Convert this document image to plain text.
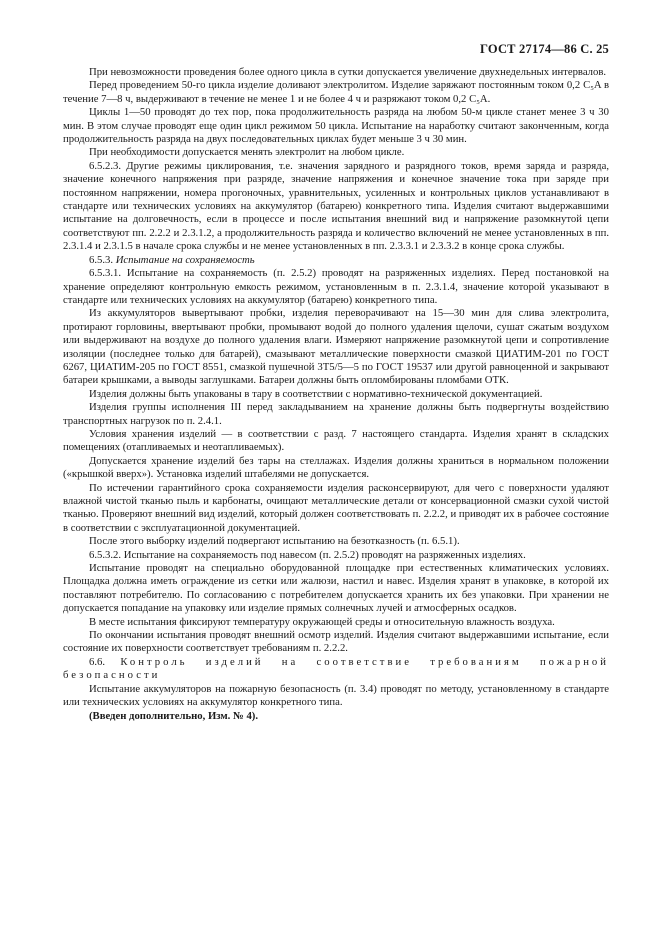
ГОСТ 27174—86 С. 25

При невозможности проведения более одного цикла в сутки допускается увеличение двухнедельных интервалов.

Перед проведением 50-го цикла изделие доливают электролитом. Изделие заряжают постоянным током 0,2 C₅A в течение 7—8 ч, выдерживают в течение не менее 1 и не более 4 ч и разряжают током 0,2 C₅A.

Циклы 1—50 проводят до тех пор, пока продолжительность разряда на любом 50-м цикле станет менее 3 ч 30 мин. В этом случае проводят еще один цикл режимом 50 цикла. Испытание на наработку считают законченным, когда продолжительность разряда на двух последовательных циклах будет меньше 3 ч 30 мин.

При необходимости допускается менять электролит на любом цикле.

6.5.2.3. Другие режимы циклирования, т.е. значения зарядного и разрядного токов, время заряда и разряда, значение конечного напряжения при разряде, значение напряжения и конечное значение тока при заряде при постоянном напряжении, номера прогоночных, уравнительных, усиленных и контрольных циклов устанавливают в стандарте или технических условиях на аккумулятор (батарею) конкретного типа. Изделия считают выдержавшими испытание на долговечность, если в процессе и после испытания внешний вид и напряжение разомкнутой цепи соответствуют пп. 2.2.2 и 2.3.1.2, а продолжительность разряда и количество включений не менее установленных в пп. 2.3.1.4 и 2.3.1.5 в начале срока службы и не менее установленных в пп. 2.3.3.1 и 2.3.3.2 в конце срока службы.

6.5.3. Испытание на сохраняемость

6.5.3.1. Испытание на сохраняемость (п. 2.5.2) проводят на разряженных изделиях. Перед постановкой на хранение определяют контрольную емкость режимом, установленным в п. 2.3.1.4, значение которой указывают в стандарте или технических условиях на аккумулятор (батарею) конкретного типа.

Из аккумуляторов вывертывают пробки, изделия переворачивают на 15—30 мин для слива электролита, протирают горловины, ввертывают пробки, промывают водой до полного удаления щелочи, сушат сжатым воздухом или выдерживают на воздухе до полного удаления влаги. Измеряют напряжение разомкнутой цепи и сопротивление изоляции (последнее только для батарей), смазывают металлические поверхности смазкой ЦИАТИМ-201 по ГОСТ 6267, ЦИАТИМ-205 по ГОСТ 8551, смазкой пушечной 3Т5/5—5 по ГОСТ 19537 или другой равноценной и закрывают батареи крышками, а выводы заглушками. Батареи должны быть опломбированы пломбами ОТК.

Изделия должны быть упакованы в тару в соответствии с нормативно-технической документацией.

Изделия группы исполнения III перед закладыванием на хранение должны быть подвергнуты воздействию транспортных нагрузок по п. 2.4.1.

Условия хранения изделий — в соответствии с разд. 7 настоящего стандарта. Изделия хранят в складских помещениях (отапливаемых и неотапливаемых).

Допускается хранение изделий без тары на стеллажах. Изделия должны храниться в нормальном положении («крышкой вверх»). Установка изделий штабелями не допускается.

По истечении гарантийного срока сохраняемости изделия расконсервируют, для чего с поверхности удаляют влажной чистой тканью пыль и карбонаты, очищают металлические детали от консервационной смазки сухой чистой тканью. Проверяют внешний вид изделий, который должен соответствовать п. 2.2.2, и приводят их в рабочее состояние в соответствии с эксплуатационной документацией.

После этого выборку изделий подвергают испытанию на безотказность (п. 6.5.1).

6.5.3.2. Испытание на сохраняемость под навесом (п. 2.5.2) проводят на разряженных изделиях.

Испытание проводят на специально оборудованной площадке при естественных климатических условиях. Площадка должна иметь ограждение из сетки или жалюзи, настил и навес. Изделия хранят в упаковке, в которой их поставляют потребителю. По согласованию с потребителем допускается хранить их без упаковки. При хранении не допускается попадание на упаковку или изделие прямых солнечных лучей и атмосферных осадков.

В месте испытания фиксируют температуру окружающей среды и относительную влажность воздуха.

По окончании испытания проводят внешний осмотр изделий. Изделия считают выдержавшими испытание, если состояние их поверхности соответствует требованиям п. 2.2.2.

6.6. Контроль изделий на соответствие требованиям пожарной безопасности

Испытание аккумуляторов на пожарную безопасность (п. 3.4) проводят по методу, установленному в стандарте или технических условиях на аккумулятор конкретного типа.

(Введен дополнительно, Изм. № 4).
